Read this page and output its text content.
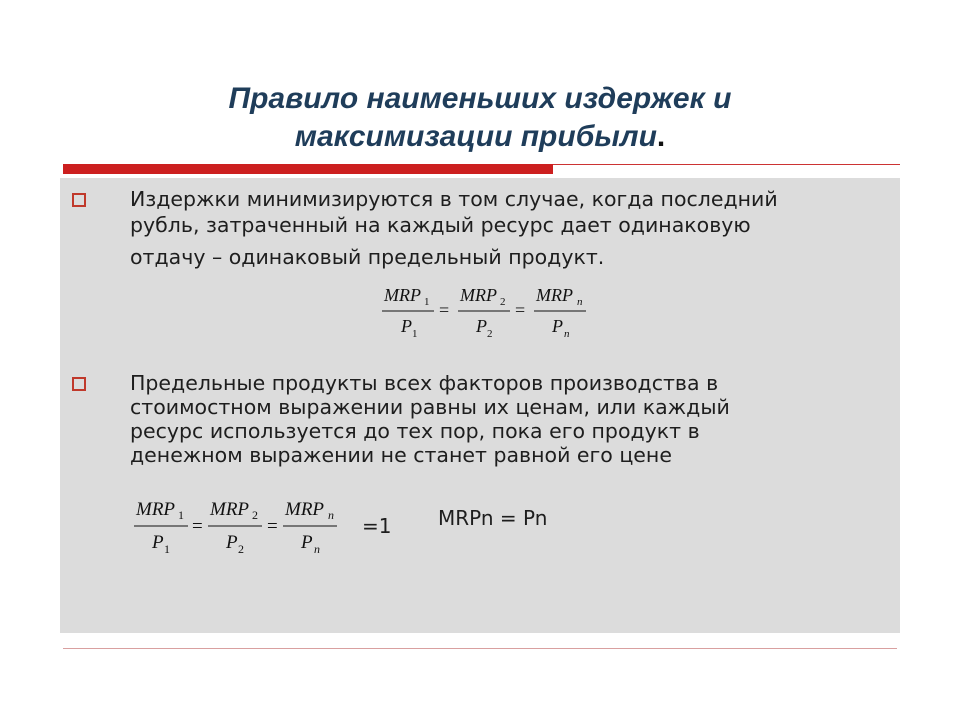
Правило наименьших издержек и
максимизации прибыли.
Издержки минимизируются в том случае, когда последний
рубль, затраченный на каждый ресурс дает одинаковую
отдачу – одинаковый предельный продукт.
MRP 1
P 1
=
MRP 2
P 2
=
MRP n
P n
Предельные продукты всех факторов производства в
стоимостном выражении равны их ценам, или каждый
ресурс используется до тех пор, пока его продукт в
денежном выражении не станет равной его цене
MRP 1
P 1
=
MRP 2
P 2
=
MRP n
P n
=1 MRPn = Pn
